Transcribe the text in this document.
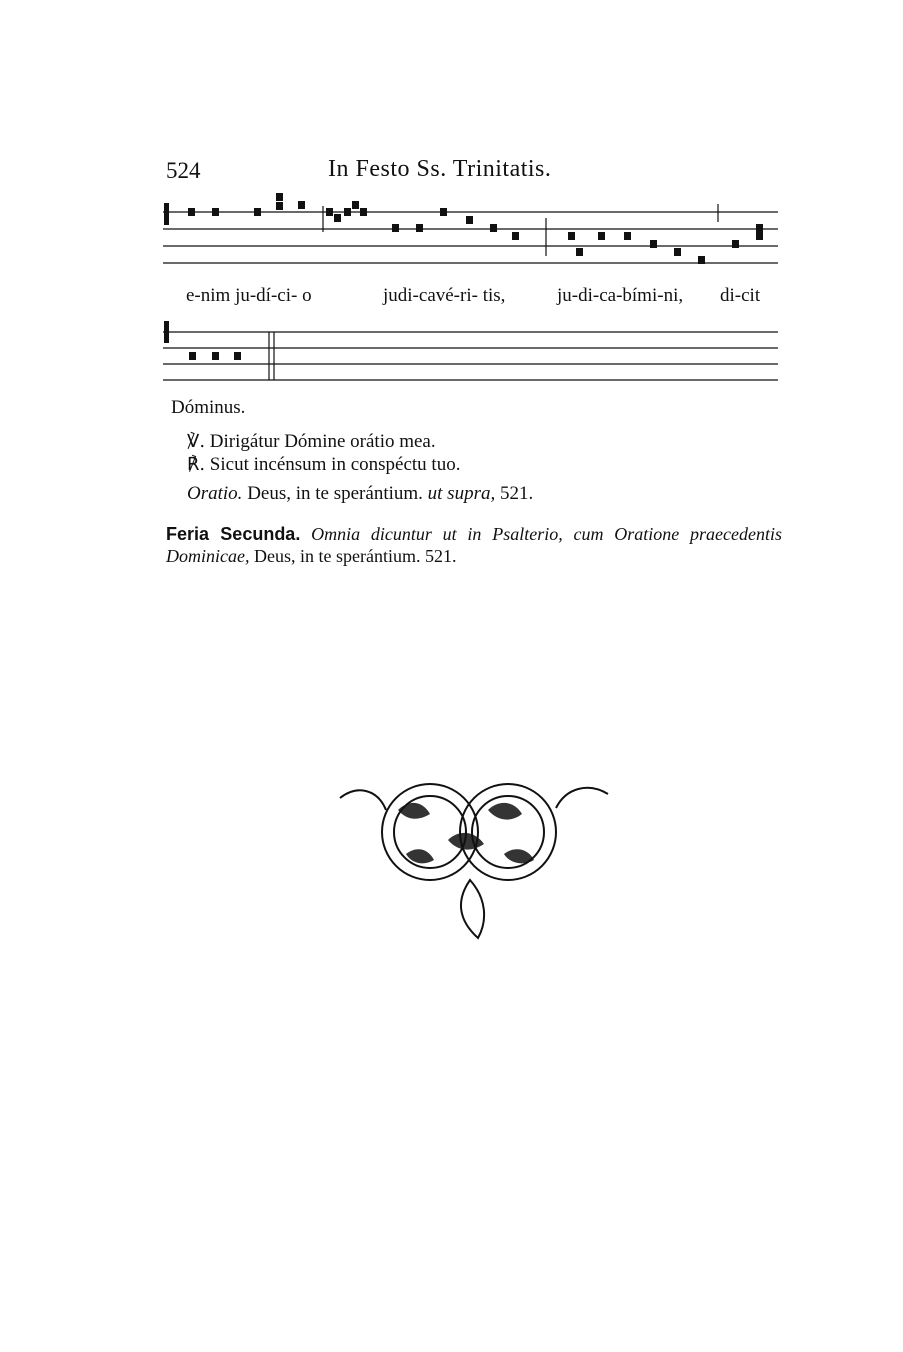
524	In Festo Ss. Trinitatis.
e-nim ju-dí-ci- o	judi-cavé-ri- tis,	ju-di-ca-bími-ni, di-cit
Dóminus.
℣. Dirigátur Dómine orátio mea.
℟. Sicut incénsum in conspéctu tuo.
Oratio. Deus, in te sperántium. ut supra, 521.
Feria Secunda. Omnia dicuntur ut in Psalterio, cum Oratione praecedentis Dominicae, Deus, in te sperántium. 521.
